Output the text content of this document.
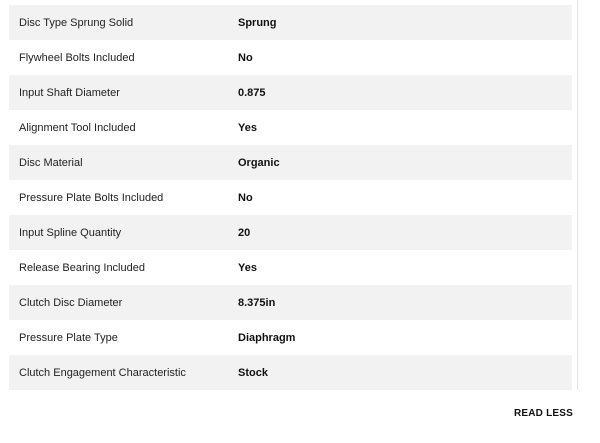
Disc Type Sprung Solid	Sprung
Flywheel Bolts Included	No
Input Shaft Diameter	0.875
Alignment Tool Included	Yes
Disc Material	Organic
Pressure Plate Bolts Included	No
Input Spline Quantity	20
Release Bearing Included	Yes
Clutch Disc Diameter	8.375in
Pressure Plate Type	Diaphragm
Clutch Engagement Characteristic	Stock
READ LESS
